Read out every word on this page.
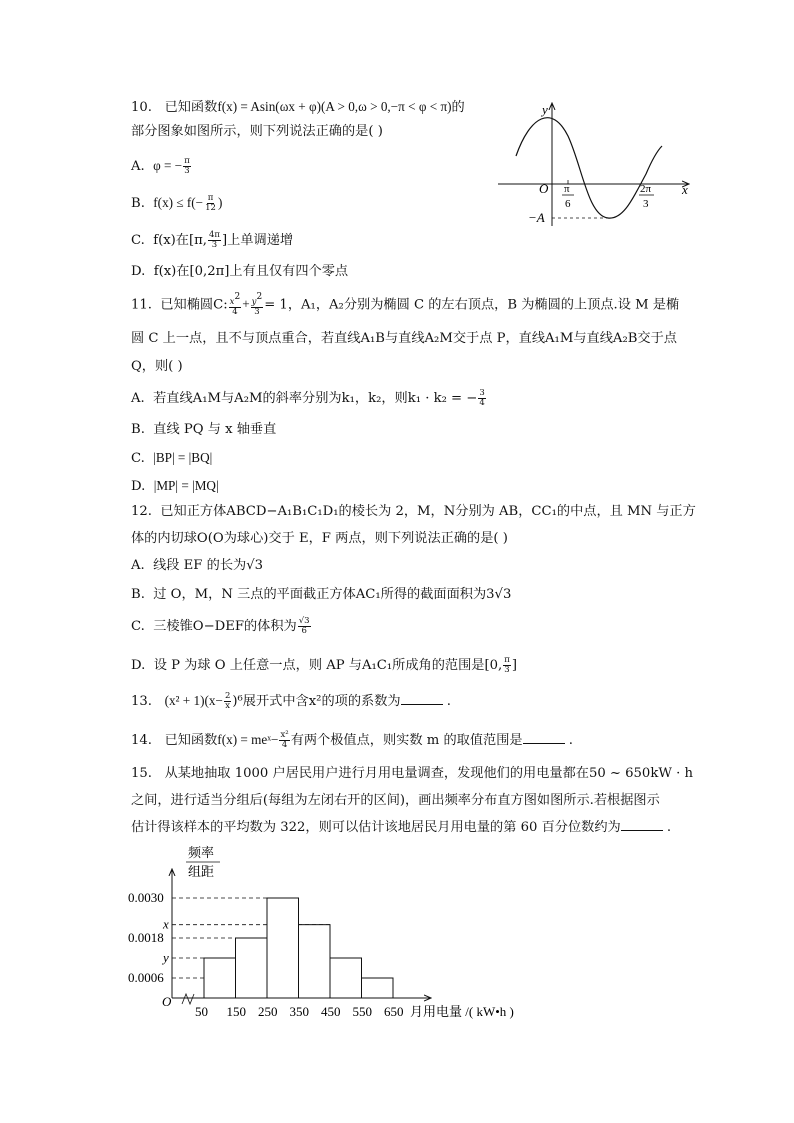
10. 已知函数f(x) = Asin(ωx + φ)(A > 0,ω > 0,−π < φ < π)的
部分图象如图所示，则下列说法正确的是( )
A. φ = − $\frac{\pi}{3}$
B. $f(x) \le f(- \frac{\pi}{12}$ )
C. f(x)在[π, $\frac{4\pi}{3}$ ]上单调递增
D. f(x)在[0,2π]上有且仅有四个零点
y
x
O π
6
2π
3
−A
11. 已知椭圆C: $\frac{x^2}{4} + \frac{y^2}{3} = 1$，A₁，A₂分别为椭圆 C 的左右顶点，B 为椭圆的上顶点.设 M 是椭
圆 C 上一点，且不与顶点重合，若直线A₁B与直线A₂M交于点 P，直线A₁M与直线A₂B交于点
Q，则( )
A. 若直线A₁M与A₂M的斜率分别为k₁，k₂，则k₁ · k₂ = − $\frac{3}{4}$
B. 直线 PQ 与 x 轴垂直
C. |BP| = |BQ|
D. |MP| = |MQ|
12. 已知正方体ABCD−A₁B₁C₁D₁的棱长为 2，M，N分别为 AB，CC₁的中点，且 MN 与正方
体的内切球O(O为球心)交于 E，F 两点，则下列说法正确的是( )
A. 线段 EF 的长为√3
B. 过 O，M，N 三点的平面截正方体AC₁所得的截面面积为3√3
C. 三棱锥O−DEF的体积为 $\frac{√3}{6}$
D. 设 P 为球 O 上任意一点，则 AP 与A₁C₁所成角的范围是[0, $\frac{\pi}{3}$ ]
13. $(x^2 + 1)(x- \frac{2}{x} )^6$展开式中含x²的项的系数为	.
14. 已知函数f(x) = meˣ− $\frac{\text{x²}}{4}$ 有两个极值点，则实数 m 的取值范围是	.
15. 从某地抽取 1000 户居民用户进行月用电量调查，发现他们的用电量都在50 ~ 650kW · h
之间，进行适当分组后(每组为左闭右开的区间)，画出频率分布直方图如图所示.若根据图示
估计得该样本的平均数为 322，则可以估计该地居民月用电量的第 60 百分位数约为	.
频率
组距
O
月用电量 /( kW•h )
0.0030
x
0.0018
y
0.0006
50 150 250 350 450 550 650
